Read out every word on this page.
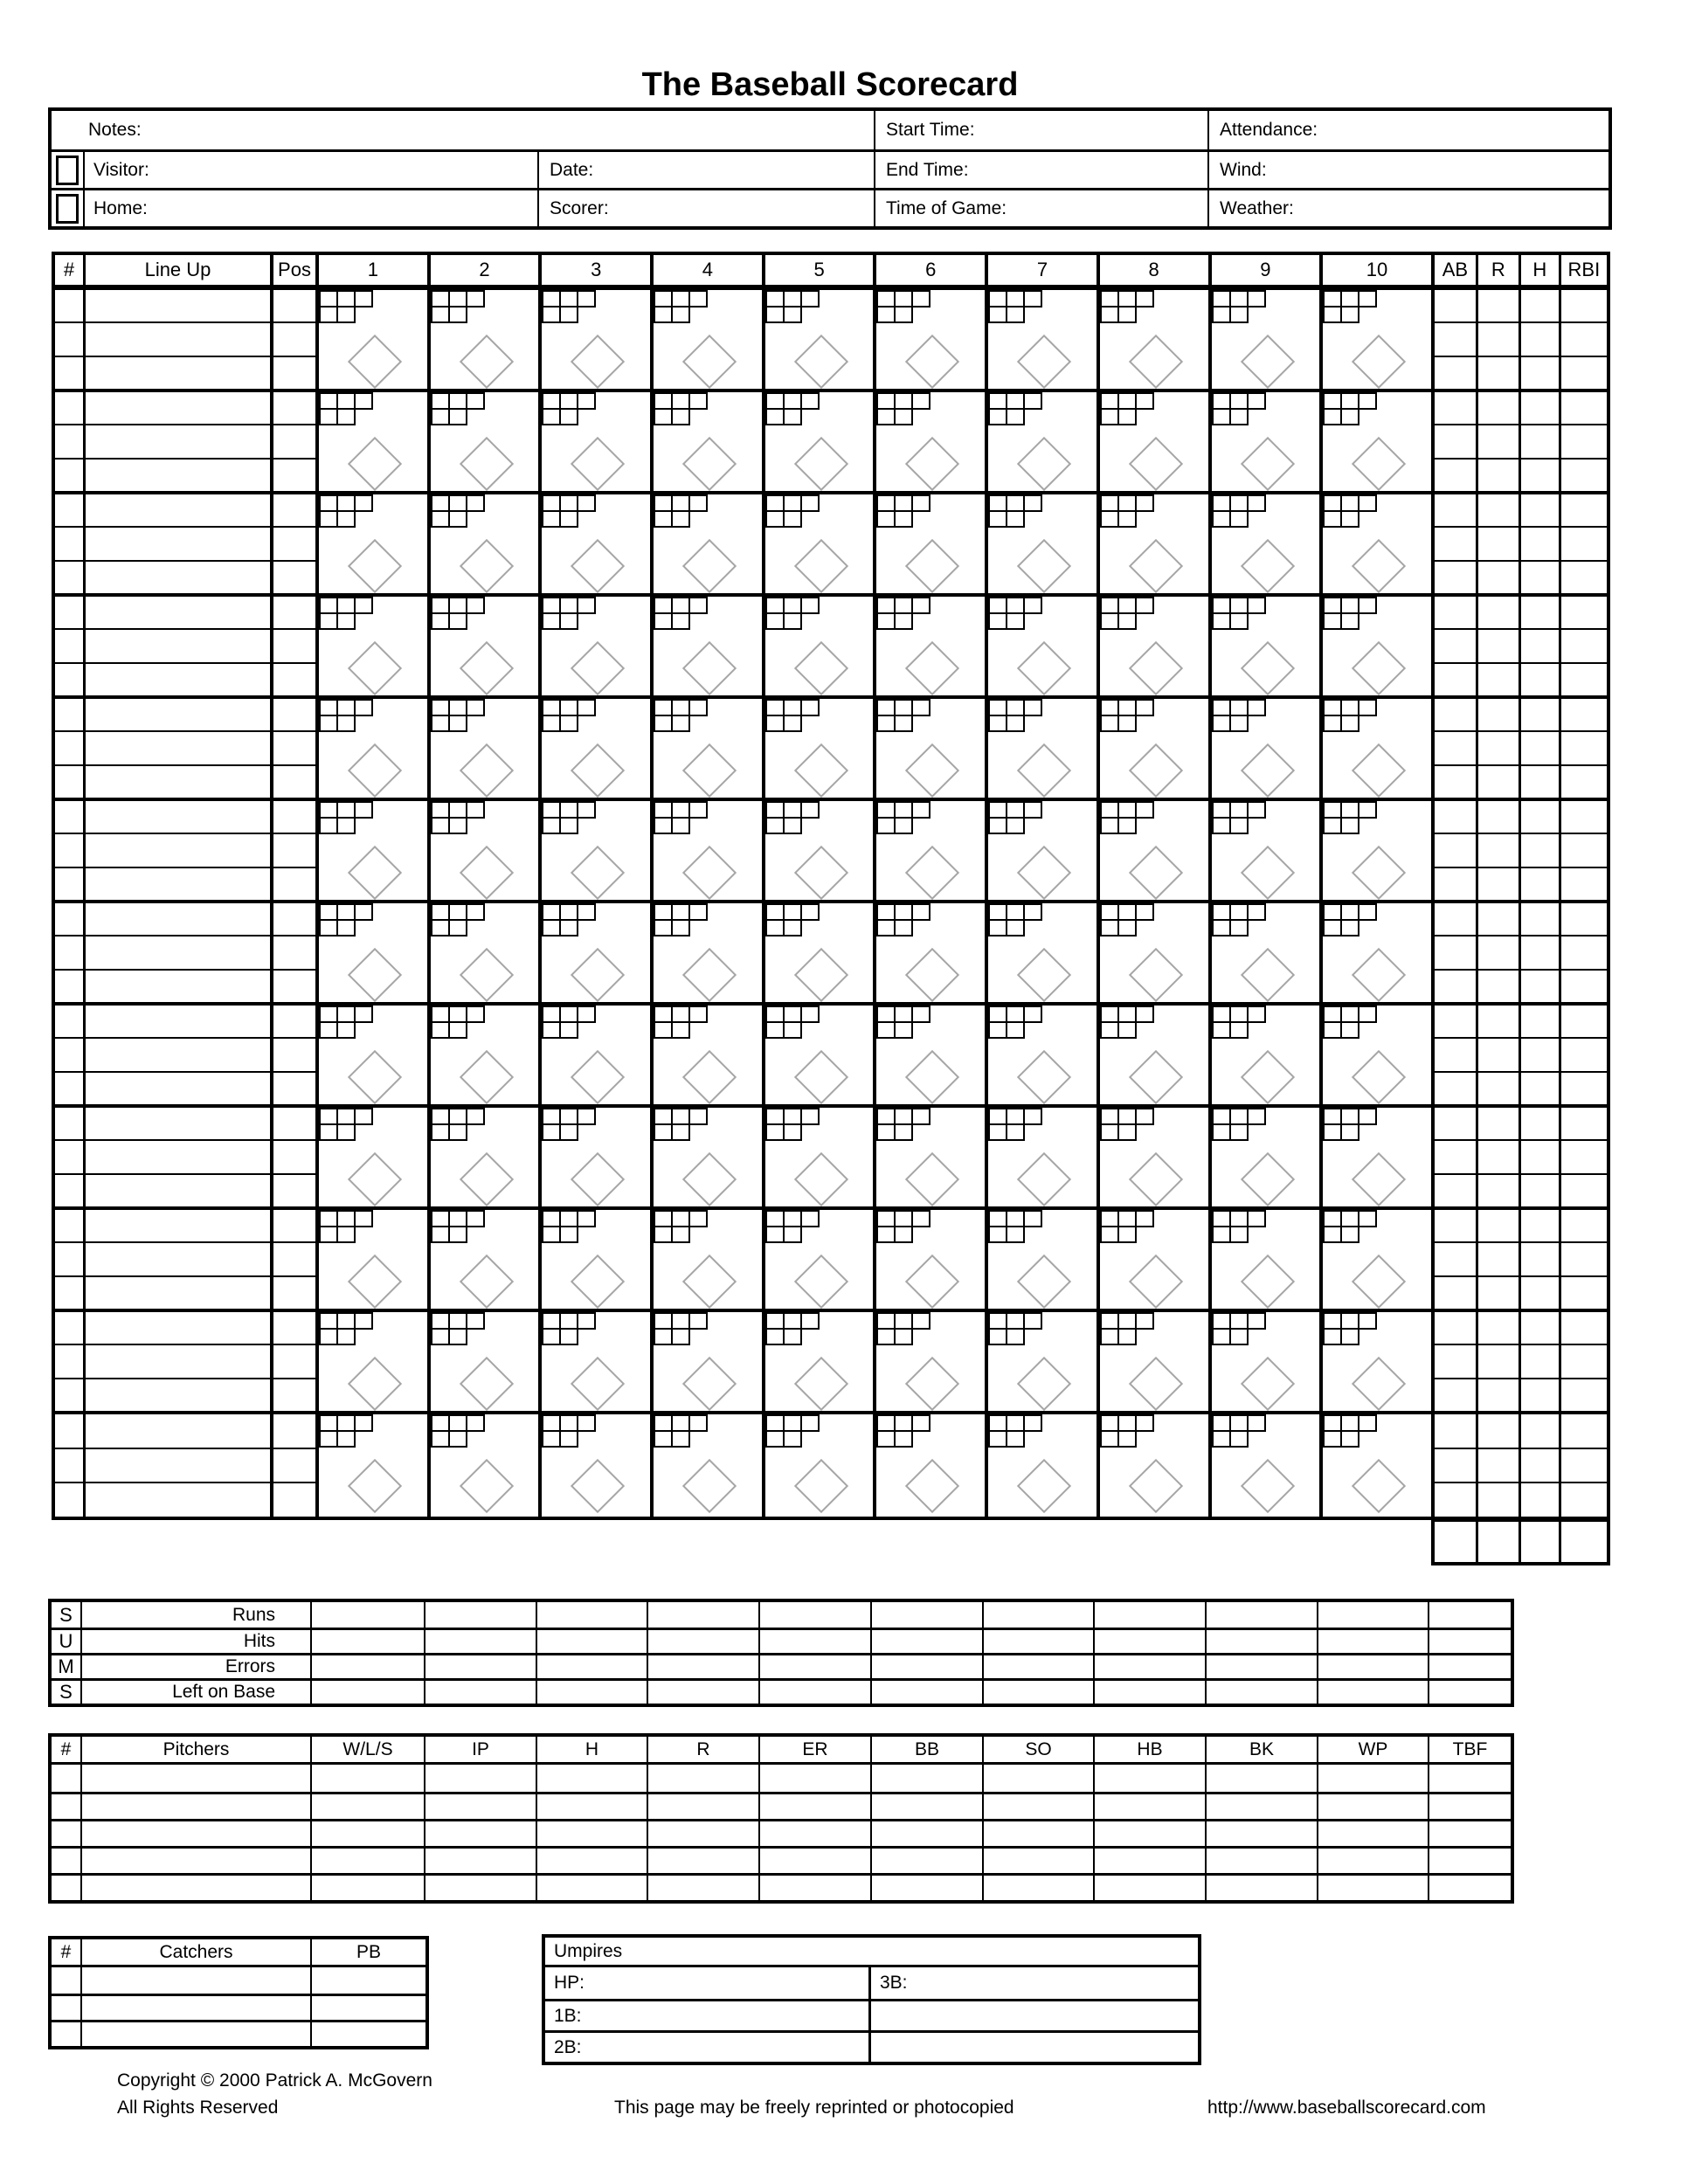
The Baseball Scorecard
Notes:	Start Time:	Attendance:
Visitor:	Date:	End Time:	Wind:
Home:	Scorer:	Time of Game:	Weather:
#	Line Up	Pos	1	2	3	4	5	6	7	8	9	10	AB	R	H	RBI
S	Runs
U	Hits
M	Errors
S	Left on Base
#	Pitchers	W/L/S	IP	H	R	ER	BB	SO	HB	BK	WP	TBF
#	Catchers	PB	Umpires
HP:	3B:
1B:
2B:
Copyright © 2000 Patrick A. McGovern
All Rights Reserved	This page may be freely reprinted or photocopied	http://www.baseballscorecard.com
